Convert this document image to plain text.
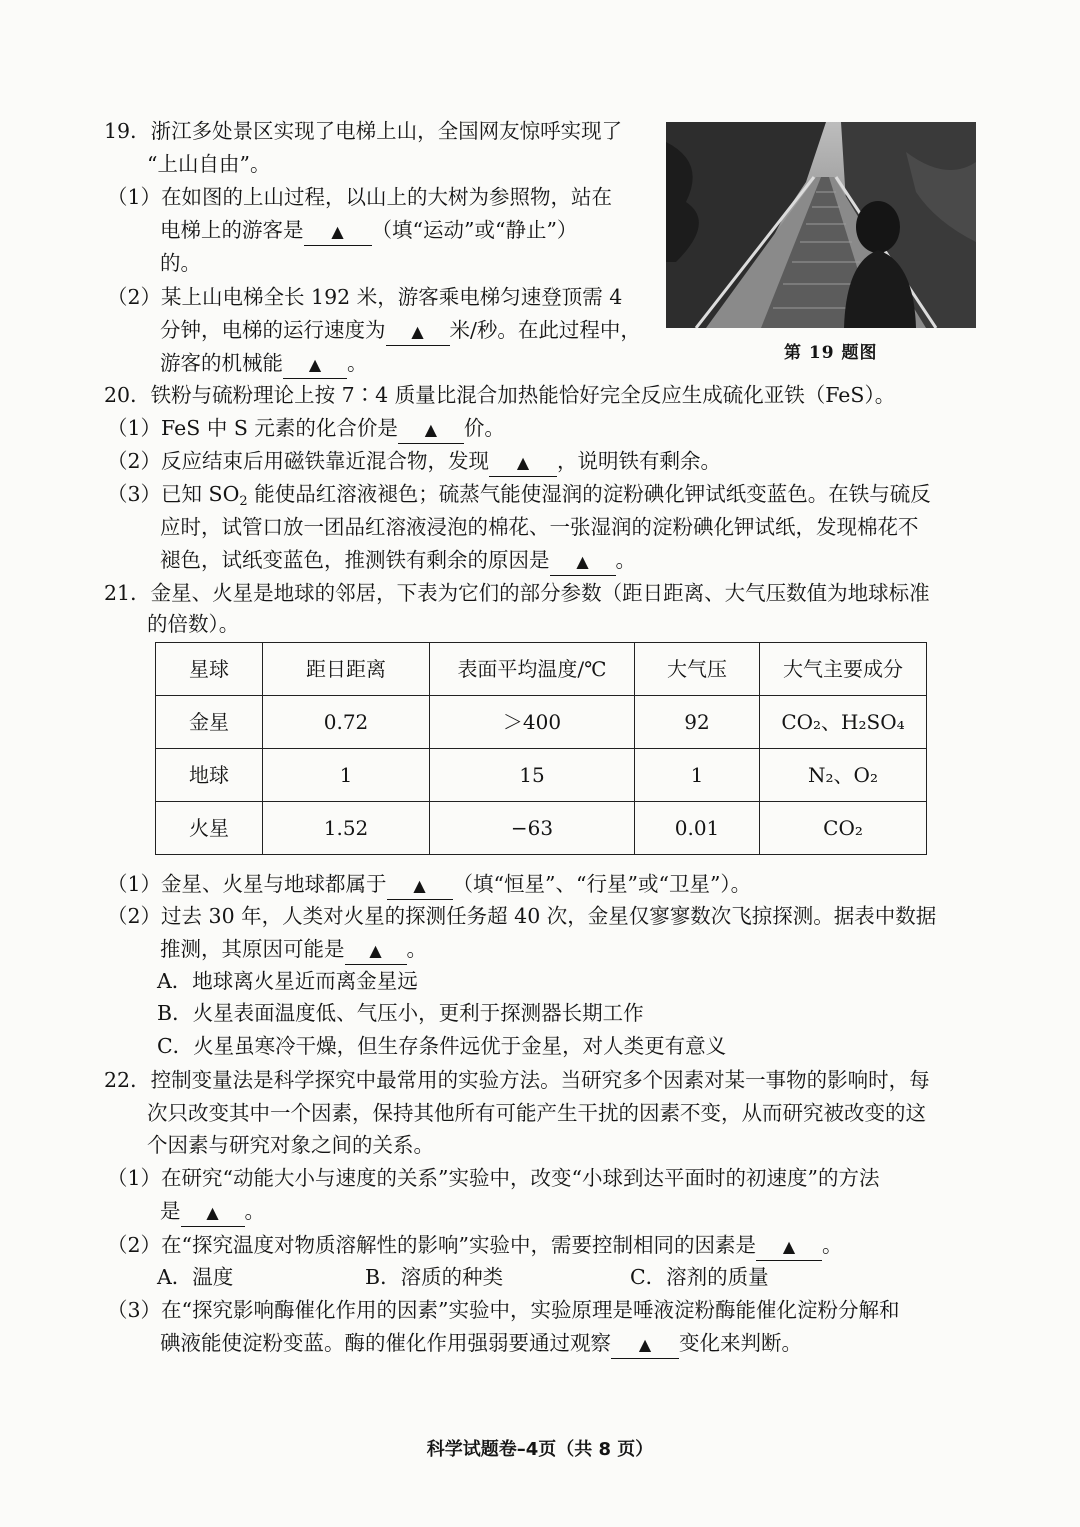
19．浙江多处景区实现了电梯上山，全国网友惊呼实现了
“上山自由”。
（1）在如图的上山过程，以山上的大树为参照物，站在
电梯上的游客是 ▲ （填“运动”或“静止”）
的。
（2）某上山电梯全长 192 米，游客乘电梯匀速登顶需 4
分钟，电梯的运行速度为 ▲ 米/秒。在此过程中，
游客的机械能 ▲ 。	第 19 题图
20．铁粉与硫粉理论上按 7∶4 质量比混合加热能恰好完全反应生成硫化亚铁（FeS）。
（1）FeS 中 S 元素的化合价是 ▲ 价。
（2）反应结束后用磁铁靠近混合物，发现 ▲ ，说明铁有剩余。
（3）已知 $SO_2$ 能使品红溶液褪色；硫蒸气能使湿润的淀粉碘化钾试纸变蓝色。在铁与硫反
应时，试管口放一团品红溶液浸泡的棉花、一张湿润的淀粉碘化钾试纸，发现棉花不
褪色，试纸变蓝色，推测铁有剩余的原因是 ▲ 。
21．金星、火星是地球的邻居，下表为它们的部分参数（距日距离、大气压数值为地球标准
的倍数）。
星球	距日距离	表面平均温度/℃	大气压	大气主要成分
金星	0.72	＞400	92	CO₂、H₂SO₄
地球	1	15	1	N₂、O₂
火星	1.52	−63	0.01	CO₂
（1）金星、火星与地球都属于 ▲ （填“恒星”、“行星”或“卫星”）。
（2）过去 30 年，人类对火星的探测任务超 40 次，金星仅寥寥数次飞掠探测。据表中数据
推测，其原因可能是 ▲ 。
A．地球离火星近而离金星远
B．火星表面温度低、气压小，更利于探测器长期工作
C．火星虽寒冷干燥，但生存条件远优于金星，对人类更有意义
22．控制变量法是科学探究中最常用的实验方法。当研究多个因素对某一事物的影响时，每
次只改变其中一个因素，保持其他所有可能产生干扰的因素不变，从而研究被改变的这
个因素与研究对象之间的关系。
（1）在研究“动能大小与速度的关系”实验中，改变“小球到达平面时的初速度”的方法
是 ▲ 。
（2）在“探究温度对物质溶解性的影响”实验中，需要控制相同的因素是 ▲ 。
A．温度	B．溶质的种类	C．溶剂的质量
（3）在“探究影响酶催化作用的因素”实验中，实验原理是唾液淀粉酶能催化淀粉分解和
碘液能使淀粉变蓝。酶的催化作用强弱要通过观察 ▲ 变化来判断。
科学试题卷–4页（共 8 页）
